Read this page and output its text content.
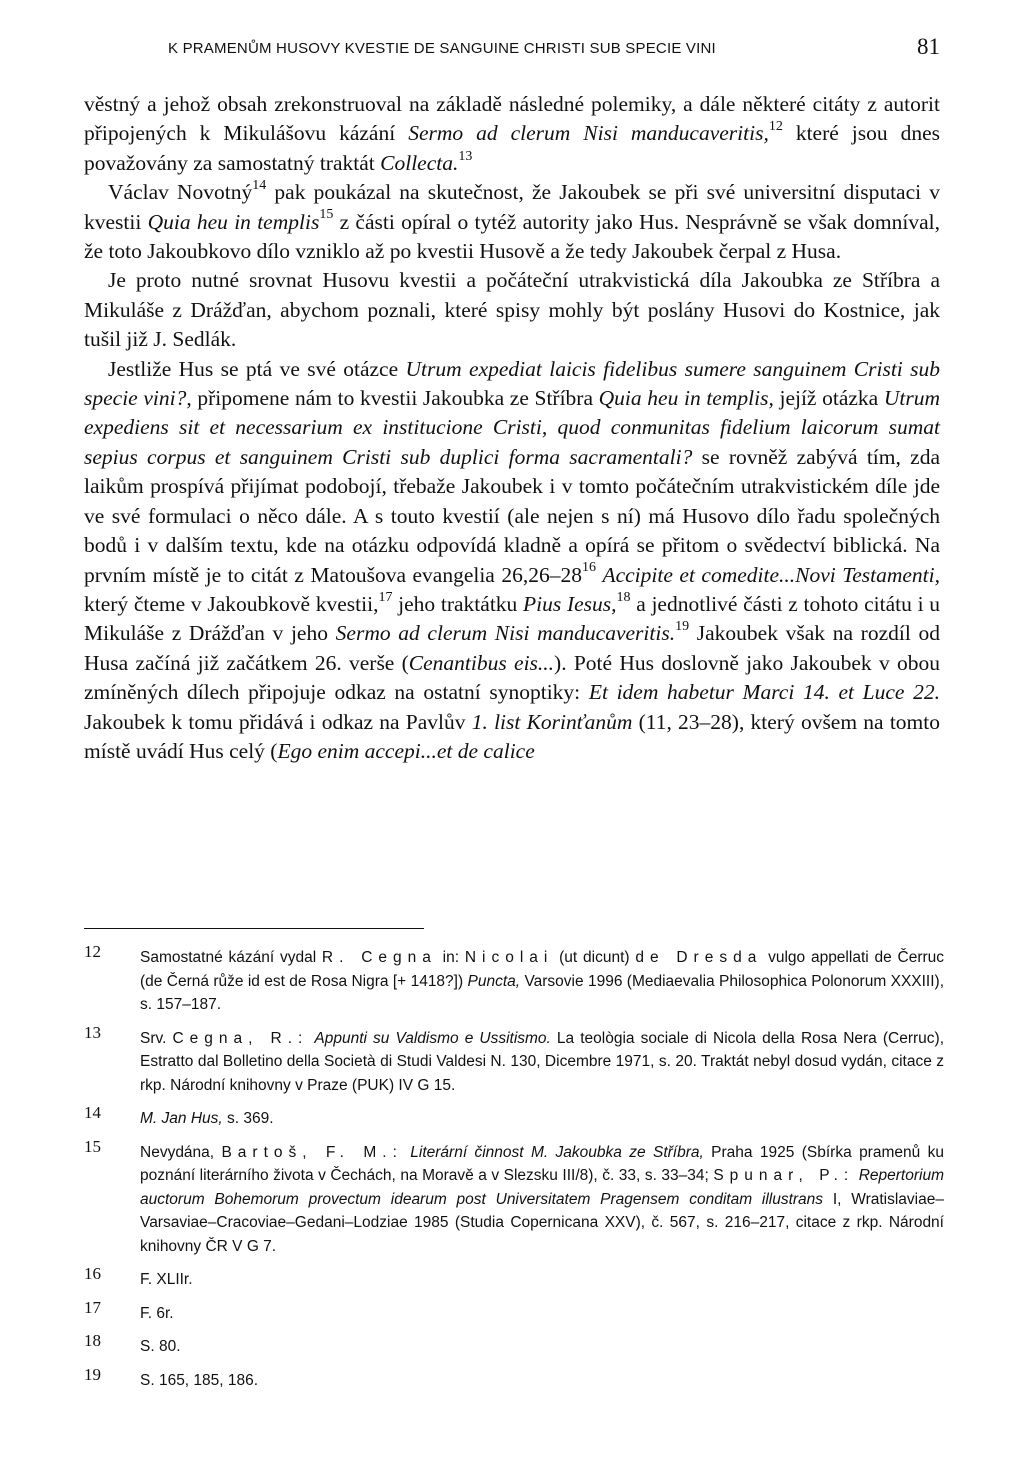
K PRAMENŮM HUSOVY KVESTIE DE SANGUINE CHRISTI SUB SPECIE VINI	81

věstný a jehož obsah zrekonstruoval na základě následné polemiky, a dále některé citáty z autorit připojených k Mikulášovu kázání Sermo ad clerum Nisi manducaveritis,$^{12}$ které jsou dnes považovány za samostatný traktát Collecta.$^{13}$

Václav Novotný$^{14}$ pak poukázal na skutečnost, že Jakoubek se při své universitní disputaci v kvestii Quia heu in templis$^{15}$ z části opíral o tytéž autority jako Hus. Nesprávně se však domníval, že toto Jakoubkovo dílo vzniklo až po kvestii Husově a že tedy Jakoubek čerpal z Husa.

Je proto nutné srovnat Husovu kvestii a počáteční utrakvistická díla Jakoubka ze Stříbra a Mikuláše z Drážďan, abychom poznali, které spisy mohly být poslány Husovi do Kostnice, jak tušil již J. Sedlák.

Jestliže Hus se ptá ve své otázce Utrum expediat laicis fidelibus sumere sanguinem Cristi sub specie vini?, připomene nám to kvestii Jakoubka ze Stříbra Quia heu in templis, jejíž otázka Utrum expediens sit et necessarium ex institucione Cristi, quod conmunitas fidelium laicorum sumat sepius corpus et sanguinem Cristi sub duplici forma sacramentali? se rovněž zabývá tím, zda laikům prospívá přijímat podobojí, třebaže Jakoubek i v tomto počátečním utrakvistickém díle jde ve své formulaci o něco dále. A s touto kvestií (ale nejen s ní) má Husovo dílo řadu společných bodů i v dalším textu, kde na otázku odpovídá kladně a opírá se přitom o svědectví biblická. Na prvním místě je to citát z Matoušova evangelia $26,26-28^{16}$ Accipite et comedite...Novi Testamenti, který čteme v Jakoubkově kvestii,$^{17}$ jeho traktátku Pius Iesus,$^{18}$ a jednotlivé části z tohoto citátu i u Mikuláše z Drážďan v jeho Sermo ad clerum Nisi manducaveritis.$^{19}$ Jakoubek však na rozdíl od Husa začíná již začátkem 26. verše (Cenantibus eis...). Poté Hus doslovně jako Jakoubek v obou zmíněných dílech připojuje odkaz na ostatní synoptiky: Et idem habetur Marci 14. et Luce 22. Jakoubek k tomu přidává i odkaz na Pavlův 1. list Korinťanům (11, 23–28), který ovšem na tomto místě uvádí Hus celý (Ego enim accepi...et de calice

12	Samostatné kázání vydal R. Cegna in: Nicolai (ut dicunt) de Dresda vulgo appellati de Čerruc (de Černá růže id est de Rosa Nigra [+ 1418?]) Puncta, Varsovie 1996 (Mediaevalia Philosophica Polonorum XXXIII), s. 157–187.
13	Srv. Cegna, R.: Appunti su Valdismo e Ussitismo. La teològia sociale di Nicola della Rosa Nera (Cerruc), Estratto dal Bolletino della Società di Studi Valdesi N. 130, Dicembre 1971, s. 20. Traktát nebyl dosud vydán, citace z rkp. Národní knihovny v Praze (PUK) IV G 15.
14	M. Jan Hus, s. 369.
15	Nevydána, Bartoš, F. M.: Literární činnost M. Jakoubka ze Stříbra, Praha 1925 (Sbírka pramenů ku poznání literárního života v Čechách, na Moravě a v Slezsku III/8), č. 33, s. 33–34; Spunar, P.: Repertorium auctorum Bohemorum provectum idearum post Universitatem Pragensem conditam illustrans I, Wratislaviae–Varsaviae–Cracoviae–Gedani–Lodziae 1985 (Studia Copernicana XXV), č. 567, s. 216–217, citace z rkp. Národní knihovny ČR V G 7.
16	F. XLIIr.
17	F. 6r.
18	S. 80.
19	S. 165, 185, 186.
